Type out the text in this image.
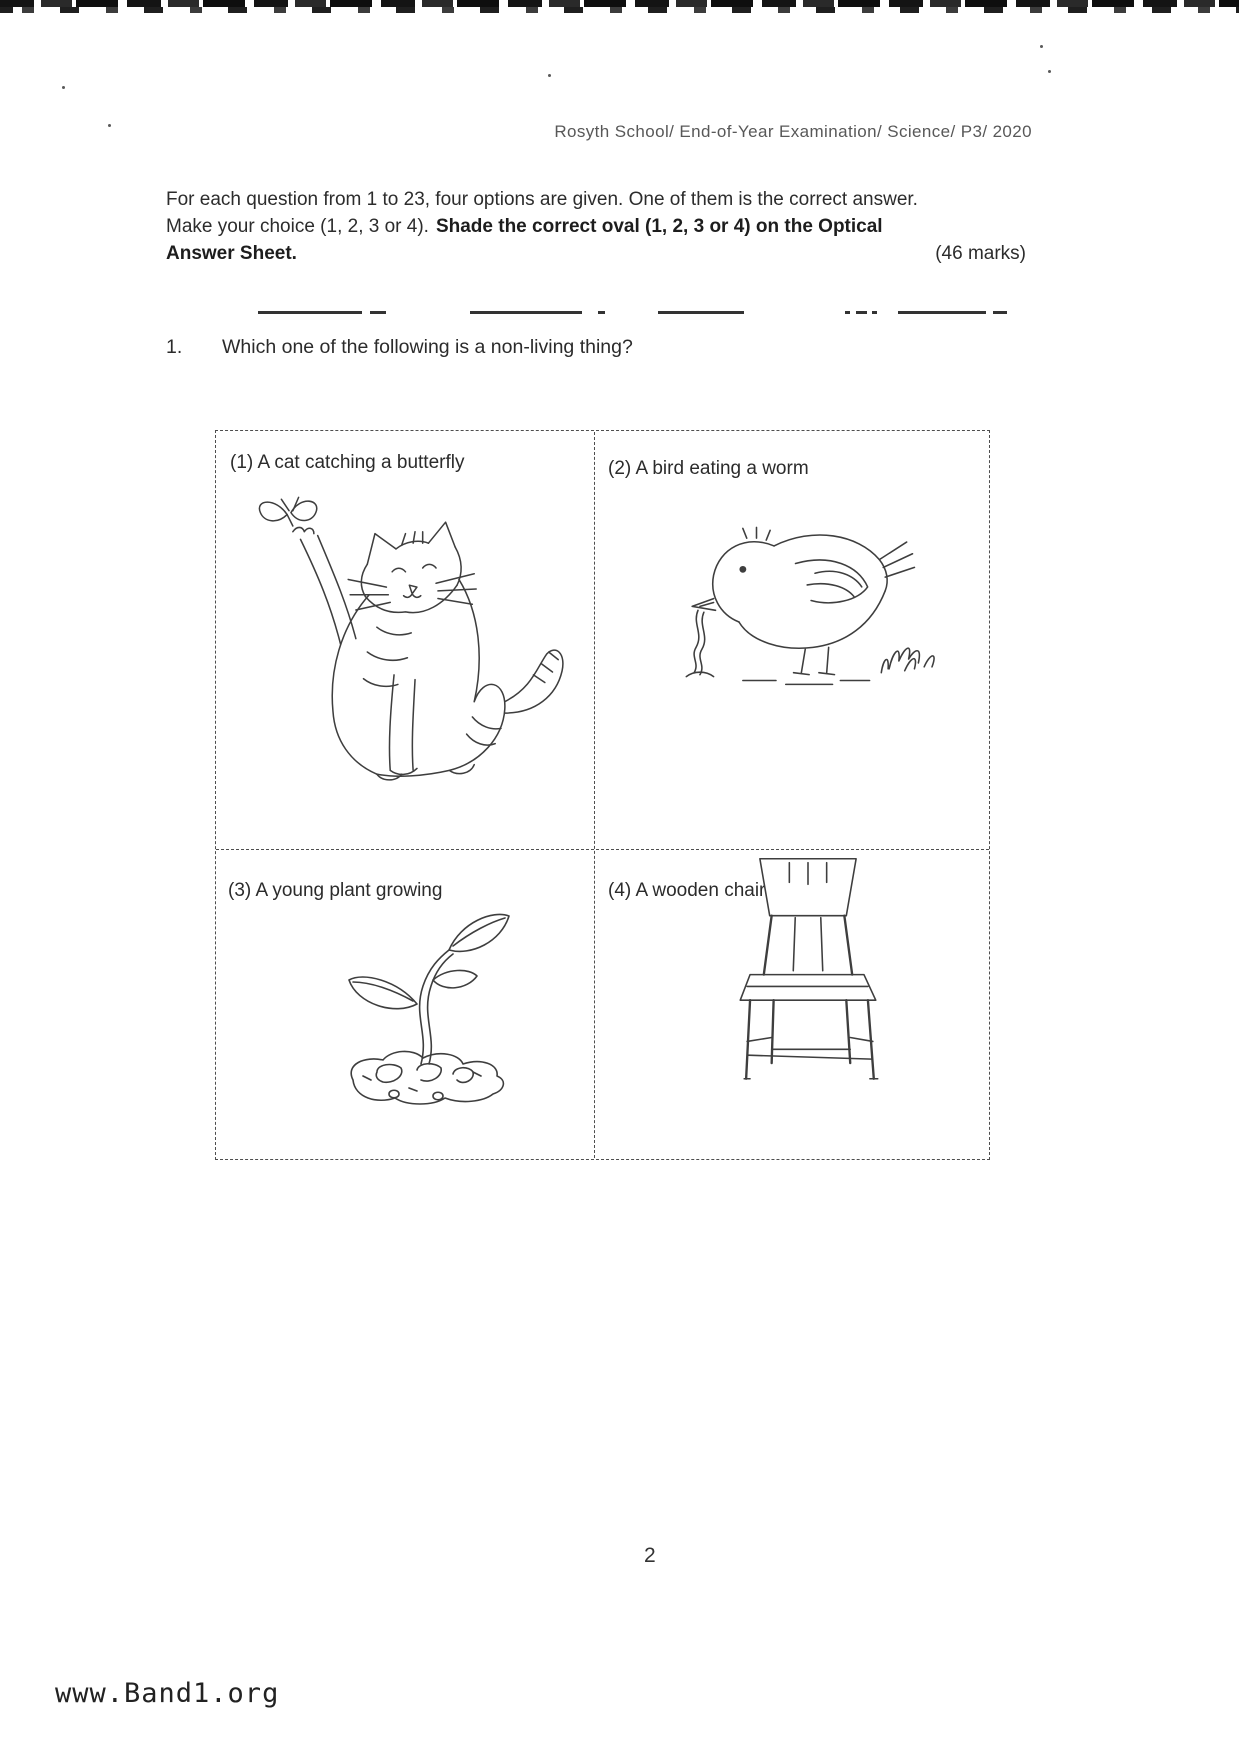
Rosyth School/ End-of-Year Examination/ Science/ P3/ 2020
For each question from 1 to 23, four options are given. One of them is the correct answer.
Make your choice (1, 2, 3 or 4). Shade the correct oval (1, 2, 3 or 4) on the Optical
Answer Sheet.	(46 marks)
1. Which one of the following is a non-living thing?
(1) A cat catching a butterfly	(2) A bird eating a worm
(3) A young plant growing	(4) A wooden chair
2
www.Band1.org
